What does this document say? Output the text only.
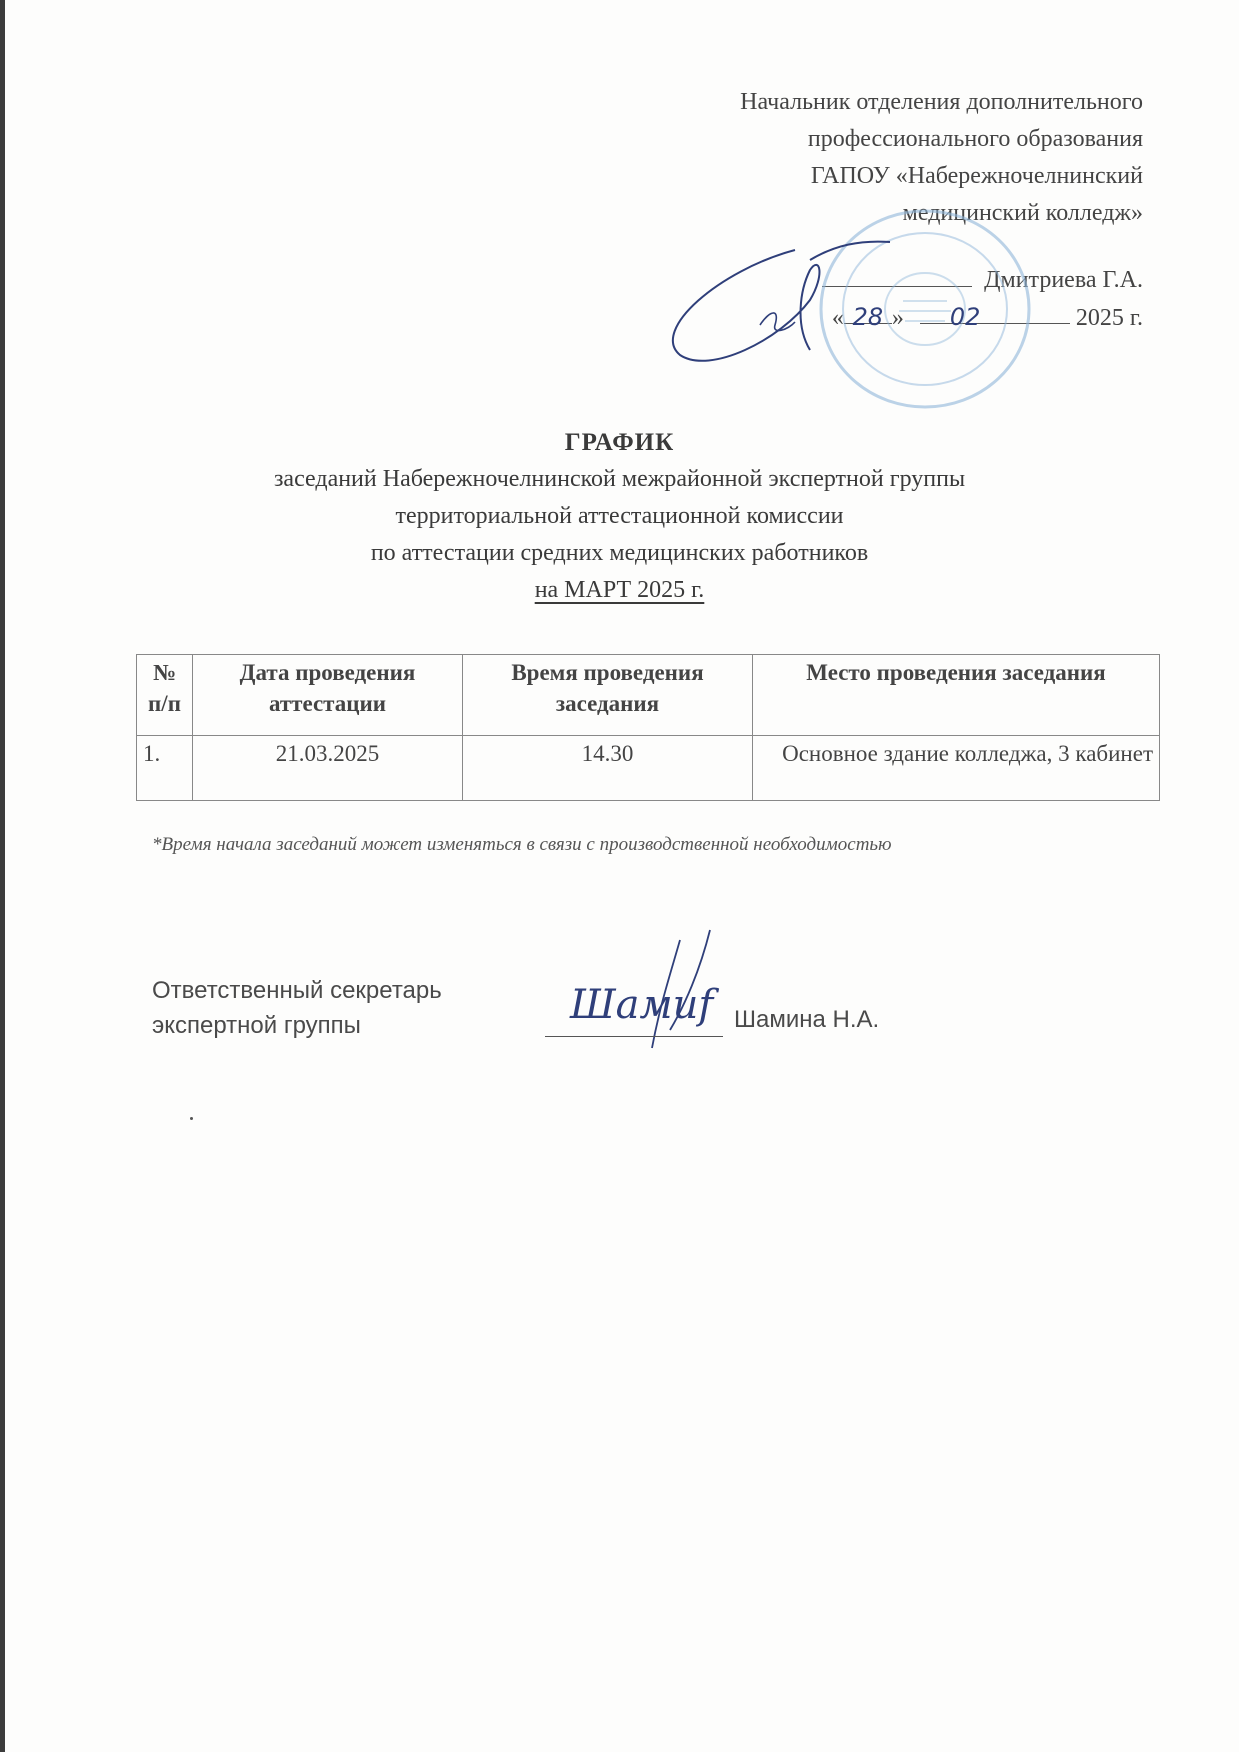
Начальник отделения дополнительного
профессионального образования
ГАПОУ «Набережночелнинский
медицинский колледж»
Дмитриева Г.А.
« 28 » 02	2025 г.
ГРАФИК
заседаний Набережночелнинской межрайонной экспертной группы
территориальной аттестационной комиссии
по аттестации средних медицинских работников
на МАРТ 2025 г.
№ п/п	Дата проведения аттестации	Время проведения заседания	Место проведения заседания
1.	21.03.2025	14.30	Основное здание колледжа, 3 кабинет
*Время начала заседаний может изменяться в связи с производственной необходимостью
Ответственный секретарь
экспертной группы	Шамиf Шамина Н.А.
